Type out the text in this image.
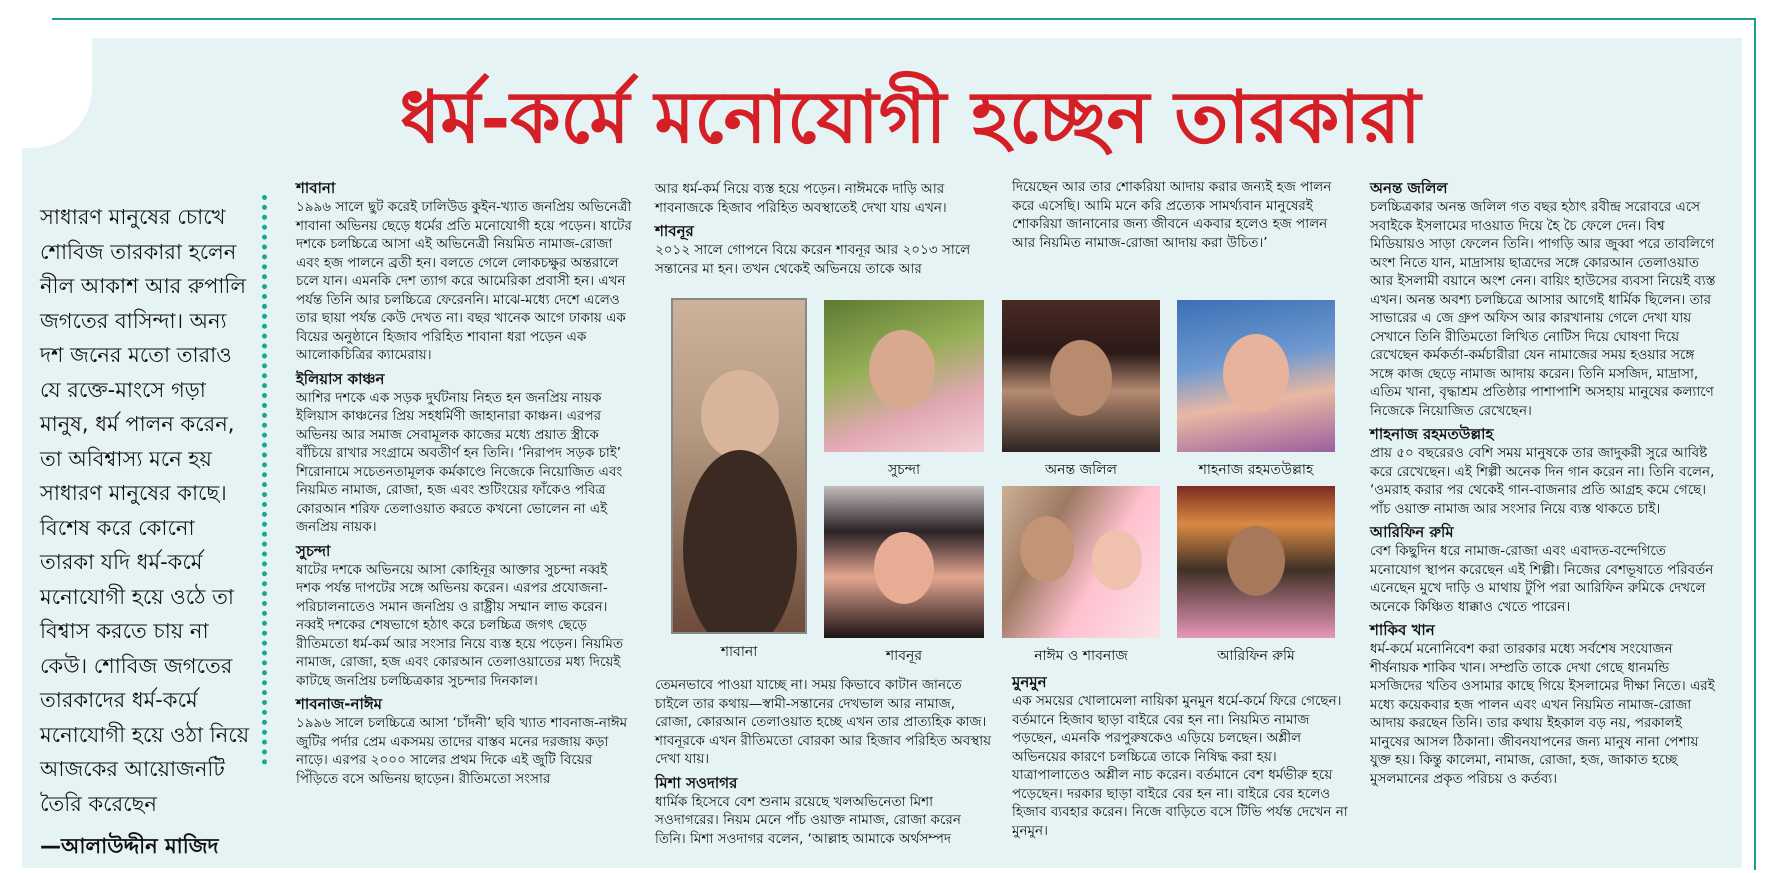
ধর্ম-কর্মে মনোযোগী হচ্ছেন তারকারা
সাধারণ মানুষের চোখে শোবিজ তারকারা হলেন নীল আকাশ আর রুপালি জগতের বাসিন্দা। অন্য দশ জনের মতো তারাও যে রক্তে-মাংসে গড়া মানুষ, ধর্ম পালন করেন, তা অবিশ্বাস্য মনে হয় সাধারণ মানুষের কাছে। বিশেষ করে কোনো তারকা যদি ধর্ম-কর্মে মনোযোগী হয়ে ওঠে তা বিশ্বাস করতে চায় না কেউ। শোবিজ জগতের তারকাদের ধর্ম-কর্মে মনোযোগী হয়ে ওঠা নিয়ে আজকের আয়োজনটি তৈরি করেছেন
—আলাউদ্দীন মাজিদ
শাবানা

১৯৯৬ সালে ছুট করেই ঢালিউড কুইন-খ্যাত জনপ্রিয় অভিনেত্রী শাবানা অভিনয় ছেড়ে ধর্মের প্রতি মনোযোগী হয়ে পড়েন। ষাটের দশকে চলচ্চিত্রে আসা এই অভিনেত্রী নিয়মিত নামাজ-রোজা এবং হজ পালনে ব্রতী হন। বলতে গেলে লোকচক্ষুর অন্তরালে চলে যান। এমনকি দেশ ত্যাগ করে আমেরিকা প্রবাসী হন। এখন পর্যন্ত তিনি আর চলচ্চিত্রে ফেরেননি। মাঝে-মধ্যে দেশে এলেও তার ছায়া পর্যন্ত কেউ দেখত না। বছর খানেক আগে ঢাকায় এক বিয়ের অনুষ্ঠানে হিজাব পরিহিত শাবানা ধরা পড়েন এক আলোকচিত্রির ক্যামেরায়।

ইলিয়াস কাঞ্চন

আশির দশকে এক সড়ক দুর্ঘটনায় নিহত হন জনপ্রিয় নায়ক ইলিয়াস কাঞ্চনের প্রিয় সহধর্মিণী জাহানারা কাঞ্চন। এরপর অভিনয় আর সমাজ সেবামূলক কাজের মধ্যে প্রয়াত স্ত্রীকে বাঁচিয়ে রাখার সংগ্রামে অবতীর্ণ হন তিনি। ‘নিরাপদ সড়ক চাই’ শিরোনামে সচেতনতামূলক কর্মকাণ্ডে নিজেকে নিয়োজিত এবং নিয়মিত নামাজ, রোজা, হজ এবং শুটিংয়ের ফাঁকেও পবিত্র কোরআন শরিফ তেলাওয়াত করতে কখনো ভোলেন না এই জনপ্রিয় নায়ক।

সুচন্দা

ষাটের দশকে অভিনয়ে আসা কোহিনূর আক্তার সুচন্দা নব্বই দশক পর্যন্ত দাপটের সঙ্গে অভিনয় করেন। এরপর প্রযোজনা-পরিচালনাতেও সমান জনপ্রিয় ও রাষ্ট্রীয় সম্মান লাভ করেন। নব্বই দশকের শেষভাগে হঠাৎ করে চলচ্চিত্র জগৎ ছেড়ে রীতিমতো ধর্ম-কর্ম আর সংসার নিয়ে ব্যস্ত হয়ে পড়েন। নিয়মিত নামাজ, রোজা, হজ এবং কোরআন তেলাওয়াতের মধ্য দিয়েই কাটছে জনপ্রিয় চলচ্চিত্রকার সুচন্দার দিনকাল।

শাবনাজ-নাঈম

১৯৯৬ সালে চলচ্চিত্রে আসা ‘চাঁদনী’ ছবি খ্যাত শাবনাজ-নাঈম জুটির পর্দার প্রেম একসময় তাদের বাস্তব মনের দরজায় কড়া নাড়ে। এরপর ২০০০ সালের প্রথম দিকে এই জুটি বিয়ের পিঁড়িতে বসে অভিনয় ছাড়েন। রীতিমতো সংসার

আর ধর্ম-কর্ম নিয়ে ব্যস্ত হয়ে পড়েন। নাঈমকে দাড়ি আর শাবনাজকে হিজাব পরিহিত অবস্থাতেই দেখা যায় এখন।

শাবনূর

২০১২ সালে গোপনে বিয়ে করেন শাবনূর আর ২০১৩ সালে সন্তানের মা হন। তখন থেকেই অভিনয়ে তাকে আর

দিয়েছেন আর তার শোকরিয়া আদায় করার জন্যই হজ পালন করে এসেছি। আমি মনে করি প্রত্যেক সামর্থ্যবান মানুষেরই শোকরিয়া জানানোর জন্য জীবনে একবার হলেও হজ পালন আর নিয়মিত নামাজ-রোজা আদায় করা উচিত।’

শাবানা
সুচন্দা	অনন্ত জলিল	শাহনাজ রহমতউল্লাহ
শাবনূর	নাঈম ও শাবনাজ	আরিফিন রুমি

তেমনভাবে পাওয়া যাচ্ছে না। সময় কিভাবে কাটান জানতে চাইলে তার কথায়—স্বামী-সন্তানের দেখভাল আর নামাজ, রোজা, কোরআন তেলাওয়াত হচ্ছে এখন তার প্রাত্যহিক কাজ। শাবনূরকে এখন রীতিমতো বোরকা আর হিজাব পরিহিত অবস্থায় দেখা যায়।

মিশা সওদাগর

ধার্মিক হিসেবে বেশ শুনাম রয়েছে খলঅভিনেতা মিশা সওদাগরের। নিয়ম মেনে পাঁচ ওয়াক্ত নামাজ, রোজা করেন তিনি। মিশা সওদাগর বলেন, ‘আল্লাহ আমাকে অর্থসম্পদ

মুনমুন

এক সময়ের খোলামেলা নায়িকা মুনমুন ধর্মে-কর্মে ফিরে গেছেন। বর্তমানে হিজাব ছাড়া বাইরে বের হন না। নিয়মিত নামাজ পড়ছেন, এমনকি পরপুরুষকেও এড়িয়ে চলছেন। অশ্লীল অভিনয়ের কারণে চলচ্চিত্রে তাকে নিষিদ্ধ করা হয়। যাত্রাপালাতেও অশ্লীল নাচ করেন। বর্তমানে বেশ ধর্মভীরু হয়ে পড়েছেন। দরকার ছাড়া বাইরে বের হন না। বাইরে বের হলেও হিজাব ব্যবহার করেন। নিজে বাড়িতে বসে টিভি পর্যন্ত দেখেন না মুনমুন।

অনন্ত জলিল

চলচ্চিত্রকার অনন্ত জলিল গত বছর হঠাৎ রবীন্দ্র সরোবরে এসে সবাইকে ইসলামের দাওয়াত দিয়ে হৈ চৈ ফেলে দেন। বিশ্ব মিডিয়ায়ও সাড়া ফেলেন তিনি। পাগড়ি আর জুব্বা পরে তাবলিগে অংশ নিতে যান, মাদ্রাসায় ছাত্রদের সঙ্গে কোরআন তেলাওয়াত আর ইসলামী বয়ানে অংশ নেন। বায়িং হাউসের ব্যবসা নিয়েই ব্যস্ত এখন। অনন্ত অবশ্য চলচ্চিত্রে আসার আগেই ধার্মিক ছিলেন। তার সাভারের এ জে গ্রুপ অফিস আর কারখানায় গেলে দেখা যায় সেখানে তিনি রীতিমতো লিখিত নোটিস দিয়ে ঘোষণা দিয়ে রেখেছেন কর্মকর্তা-কর্মচারীরা যেন নামাজের সময় হওয়ার সঙ্গে সঙ্গে কাজ ছেড়ে নামাজ আদায় করেন। তিনি মসজিদ, মাদ্রাসা, এতিম খানা, বৃদ্ধাশ্রম প্রতিষ্ঠার পাশাপাশি অসহায় মানুষের কল্যাণে নিজেকে নিয়োজিত রেখেছেন।

শাহনাজ রহমতউল্লাহ

প্রায় ৫০ বছরেরও বেশি সময় মানুষকে তার জাদুকরী সুরে আবিষ্ট করে রেখেছেন। এই শিল্পী অনেক দিন গান করেন না। তিনি বলেন, ‘ওমরাহ করার পর থেকেই গান-বাজনার প্রতি আগ্রহ কমে গেছে। পাঁচ ওয়াক্ত নামাজ আর সংসার নিয়ে ব্যস্ত থাকতে চাই।

আরিফিন রুমি

বেশ কিছুদিন ধরে নামাজ-রোজা এবং এবাদত-বন্দেগিতে মনোযোগ স্থাপন করেছেন এই শিল্পী। নিজের বেশভূষাতে পরিবর্তন এনেছেন মুখে দাড়ি ও মাথায় টুপি পরা আরিফিন রুমিকে দেখলে অনেকে কিঞ্চিত ধাক্কাও খেতে পারেন।

শাকিব খান

ধর্ম-কর্মে মনোনিবেশ করা তারকার মধ্যে সর্বশেষ সংযোজন শীর্ষনায়ক শাকিব খান। সম্প্রতি তাকে দেখা গেছে ধানমন্ডি মসজিদের খতিব ওসামার কাছে গিয়ে ইসলামের দীক্ষা নিতে। এরই মধ্যে কয়েকবার হজ পালন এবং এখন নিয়মিত নামাজ-রোজা আদায় করছেন তিনি। তার কথায় ইহকাল বড় নয়, পরকালই মানুষের আসল ঠিকানা। জীবনযাপনের জন্য মানুষ নানা পেশায় যুক্ত হয়। কিন্তু কালেমা, নামাজ, রোজা, হজ, জাকাত হচ্ছে মুসলমানের প্রকৃত পরিচয় ও কর্তব্য।
